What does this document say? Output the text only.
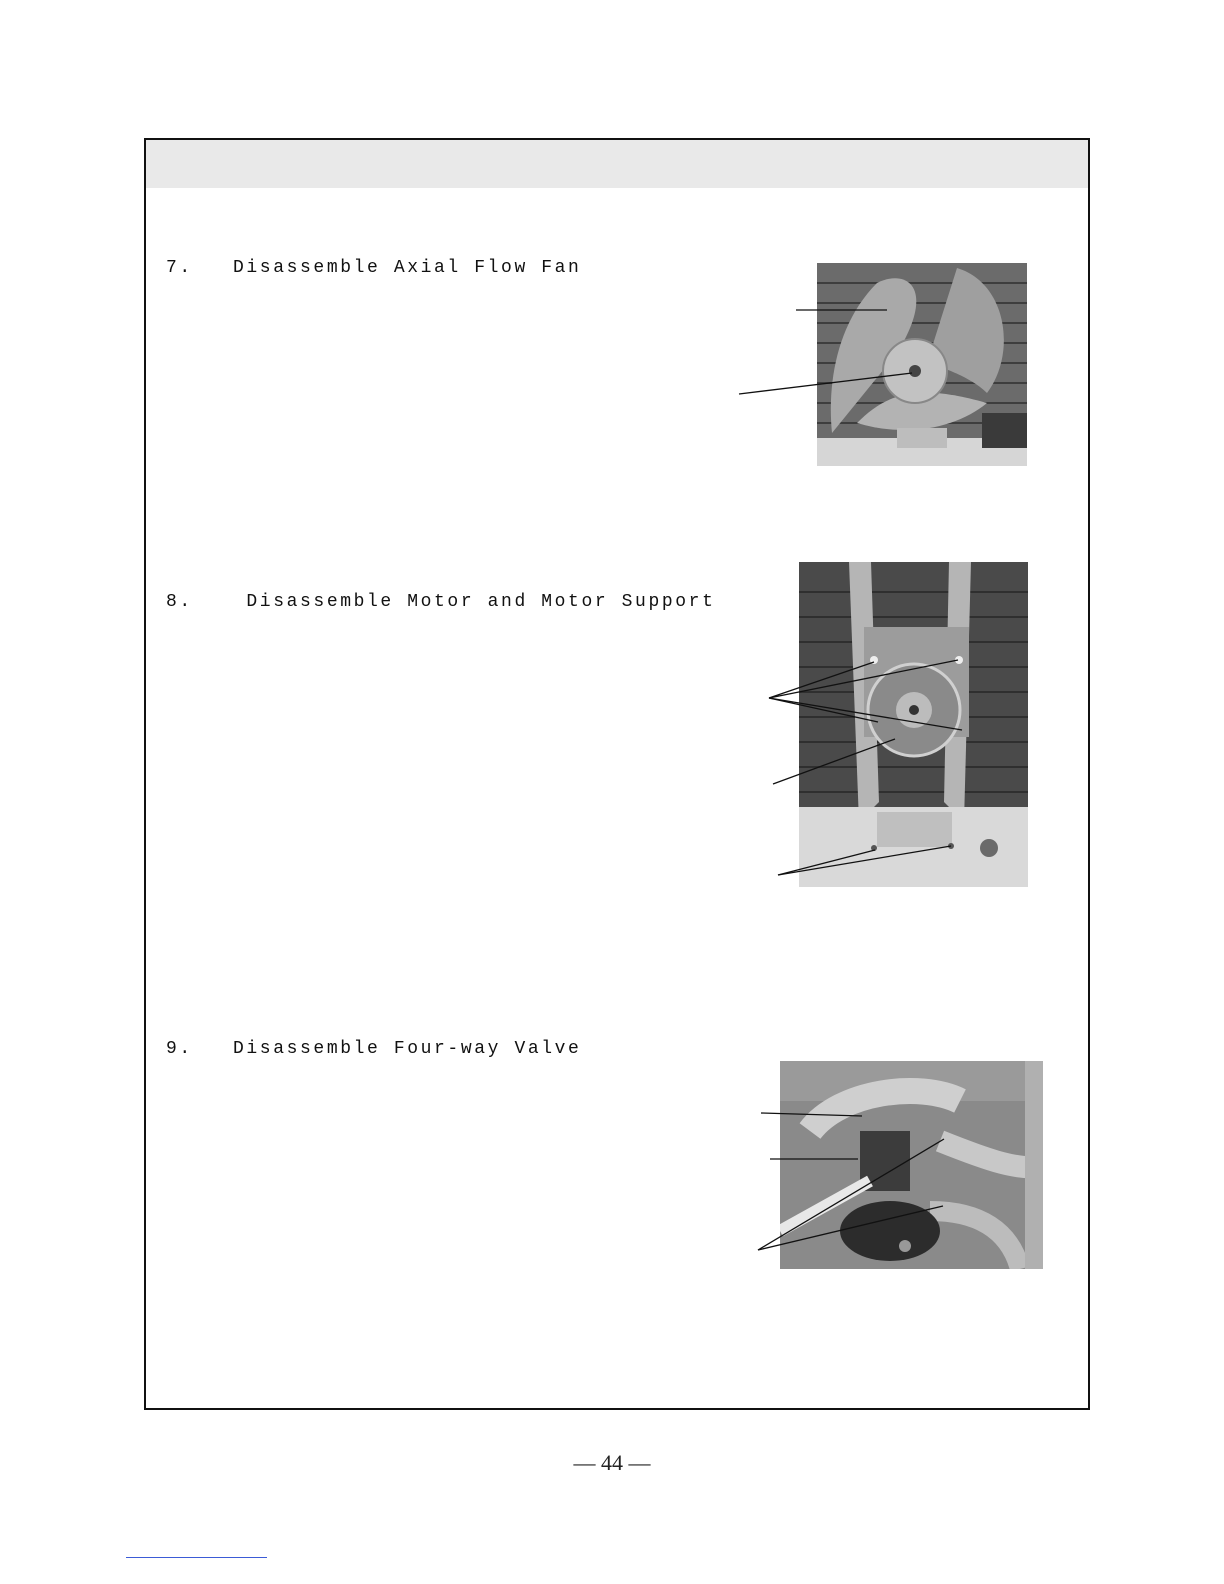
7.   Disassemble Axial Flow Fan
8.    Disassemble Motor and Motor Support
9.   Disassemble Four-way Valve
— 44 —
